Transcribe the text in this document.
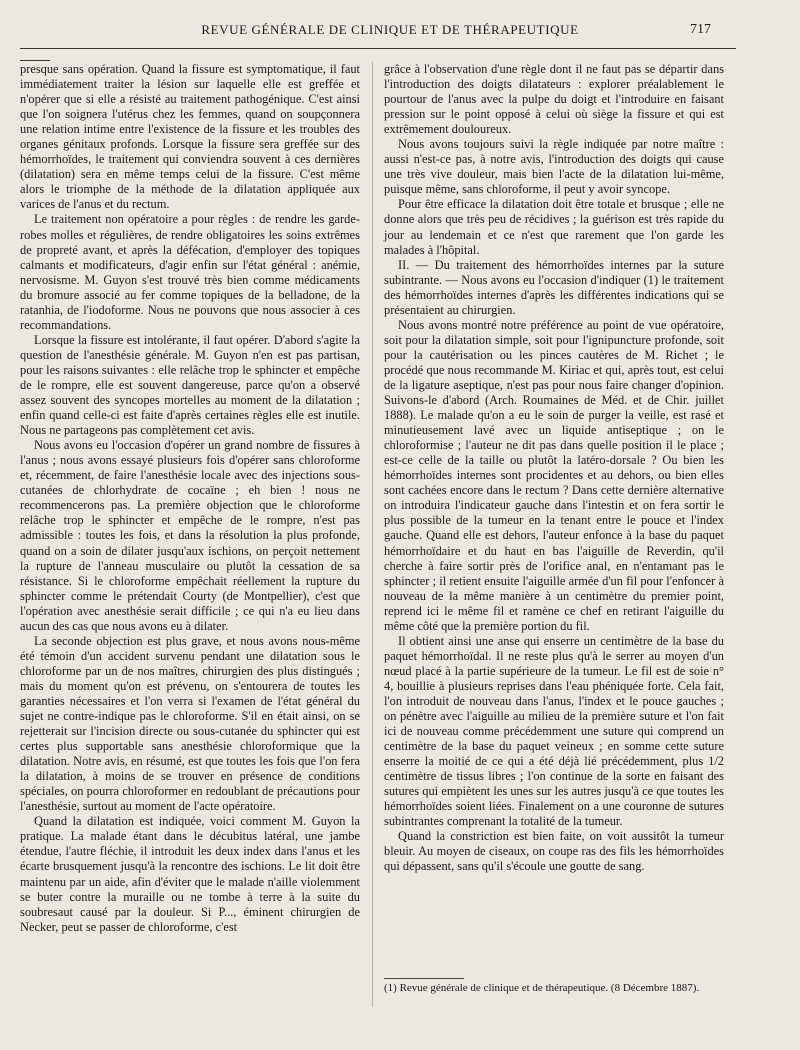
REVUE GÉNÉRALE DE CLINIQUE ET DE THÉRAPEUTIQUE	717

presque sans opération. Quand la fissure est symptomatique, il faut immédiatement traiter la lésion sur laquelle elle est greffée et n'opérer que si elle a résisté au traitement pathogénique. C'est ainsi que l'on soignera l'utérus chez les femmes, quand on soupçonnera une relation intime entre l'existence de la fissure et les troubles des organes génitaux profonds. Lorsque la fissure sera greffée sur des hémorrhoïdes, le traitement qui conviendra souvent à ces dernières (dilatation) sera en même temps celui de la fissure. C'est même alors le triomphe de la méthode de la dilatation appliquée aux varices de l'anus et du rectum.

Le traitement non opératoire a pour règles : de rendre les garde-robes molles et régulières, de rendre obligatoires les soins extrêmes de propreté avant, et après la défécation, d'employer des topiques calmants et modificateurs, d'agir enfin sur l'état général : anémie, nervosisme. M. Guyon s'est trouvé très bien comme médicaments du bromure associé au fer comme topiques de la belladone, de la ratanhia, de l'iodoforme. Nous ne pouvons que nous associer à ces recommandations.

Lorsque la fissure est intolérante, il faut opérer. D'abord s'agite la question de l'anesthésie générale. M. Guyon n'en est pas partisan, pour les raisons suivantes : elle relâche trop le sphincter et empêche de le rompre, elle est souvent dangereuse, parce qu'on a observé assez souvent des syncopes mortelles au moment de la dilatation ; enfin quand celle-ci est faite d'après certaines règles elle est inutile. Nous ne partageons pas complètement cet avis.

Nous avons eu l'occasion d'opérer un grand nombre de fissures à l'anus ; nous avons essayé plusieurs fois d'opérer sans chloroforme et, récemment, de faire l'anesthésie locale avec des injections sous-cutanées de chlorhydrate de cocaïne ; eh bien ! nous ne recommencerons pas. La première objection que le chloroforme relâche trop le sphincter et empêche de le rompre, n'est pas admissible : toutes les fois, et dans la résolution la plus profonde, quand on a soin de dilater jusqu'aux ischions, on perçoit nettement la rupture de l'anneau musculaire ou plutôt la cessation de sa résistance. Si le chloroforme empêchait réellement la rupture du sphincter comme le prétendait Courty (de Montpellier), c'est que l'opération avec anesthésie serait difficile ; ce qui n'a eu lieu dans aucun des cas que nous avons eu à dilater.

La seconde objection est plus grave, et nous avons nous-même été témoin d'un accident survenu pendant une dilatation sous le chloroforme par un de nos maîtres, chirurgien des plus distingués ; mais du moment qu'on est prévenu, on s'entourera de toutes les garanties nécessaires et l'on verra si l'examen de l'état général du sujet ne contre-indique pas le chloroforme. S'il en était ainsi, on se rejetterait sur l'incision directe ou sous-cutanée du sphincter qui est certes plus supportable sans anesthésie chloroformique que la dilatation. Notre avis, en résumé, est que toutes les fois que l'on fera la dilatation, à moins de se trouver en présence de conditions spéciales, on pourra chloroformer en redoublant de précautions pour l'anesthésie, surtout au moment de l'acte opératoire.

Quand la dilatation est indiquée, voici comment M. Guyon la pratique. La malade étant dans le décubitus latéral, une jambe étendue, l'autre fléchie, il introduit les deux index dans l'anus et les écarte brusquement jusqu'à la rencontre des ischions. Le lit doit être maintenu par un aide, afin d'éviter que le malade n'aille violemment se buter contre la muraille ou ne tombe à terre à la suite du soubresaut causé par la douleur. Si P..., éminent chirurgien de Necker, peut se passer de chloroforme, c'est

grâce à l'observation d'une règle dont il ne faut pas se départir dans l'introduction des doigts dilatateurs : explorer préalablement le pourtour de l'anus avec la pulpe du doigt et l'introduire en faisant pression sur le point opposé à celui où siège la fissure et qui est extrêmement douloureux.

Nous avons toujours suivi la règle indiquée par notre maître : aussi n'est-ce pas, à notre avis, l'introduction des doigts qui cause une très vive douleur, mais bien l'acte de la dilatation lui-même, puisque même, sans chloroforme, il peut y avoir syncope.

Pour être efficace la dilatation doit être totale et brusque ; elle ne donne alors que très peu de récidives ; la guérison est très rapide du jour au lendemain et ce n'est que rarement que l'on garde les malades à l'hôpital.

II. — Du traitement des hémorrhoïdes internes par la suture subintrante. — Nous avons eu l'occasion d'indiquer (1) le traitement des hémorrhoïdes internes d'après les différentes indications qui se présentaient au chirurgien.

Nous avons montré notre préférence au point de vue opératoire, soit pour la dilatation simple, soit pour l'ignipuncture profonde, soit pour la cautérisation ou les pinces cautères de M. Richet ; le procédé que nous recommande M. Kiriac et qui, après tout, est celui de la ligature aseptique, n'est pas pour nous faire changer d'opinion. Suivons-le d'abord (Arch. Roumaines de Méd. et de Chir. juillet 1888). Le malade qu'on a eu le soin de purger la veille, est rasé et minutieusement lavé avec un liquide antiseptique ; on le chloroformise ; l'auteur ne dit pas dans quelle position il le place ; est-ce celle de la taille ou plutôt la latéro-dorsale ? Ou bien les hémorrhoïdes internes sont procidentes et au dehors, ou bien elles sont cachées encore dans le rectum ? Dans cette dernière alternative on introduira l'indicateur gauche dans l'intestin et on fera sortir le plus possible de la tumeur en la tenant entre le pouce et l'index gauche. Quand elle est dehors, l'auteur enfonce à la base du paquet hémorrhoïdaire et du haut en bas l'aiguille de Reverdin, qu'il cherche à faire sortir près de l'orifice anal, en n'entamant pas le sphincter ; il retient ensuite l'aiguille armée d'un fil pour l'enfoncer à nouveau de la même manière à un centimètre du premier point, reprend ici le même fil et ramène ce chef en retirant l'aiguille du même côté que la première portion du fil.

Il obtient ainsi une anse qui enserre un centimètre de la base du paquet hémorrhoïdal. Il ne reste plus qu'à le serrer au moyen d'un nœud placé à la partie supérieure de la tumeur. Le fil est de soie n° 4, bouillie à plusieurs reprises dans l'eau phéniquée forte. Cela fait, l'on introduit de nouveau dans l'anus, l'index et le pouce gauches ; on pénètre avec l'aiguille au milieu de la première suture et l'on fait ici de nouveau comme précédemment une suture qui comprend un centimètre de la base du paquet veineux ; en somme cette suture enserre la moitié de ce qui a été déjà lié précédemment, plus 1/2 centimètre de tissus libres ; l'on continue de la sorte en faisant des sutures qui empiètent les unes sur les autres jusqu'à ce que toutes les hémorrhoïdes soient liées. Finalement on a une couronne de sutures subintrantes comprenant la totalité de la tumeur.

Quand la constriction est bien faite, on voit aussitôt la tumeur bleuir. Au moyen de ciseaux, on coupe ras des fils les hémorrhoïdes qui dépassent, sans qu'il s'écoule une goutte de sang.

(1) Revue générale de clinique et de thérapeutique. (8 Décembre 1887).
